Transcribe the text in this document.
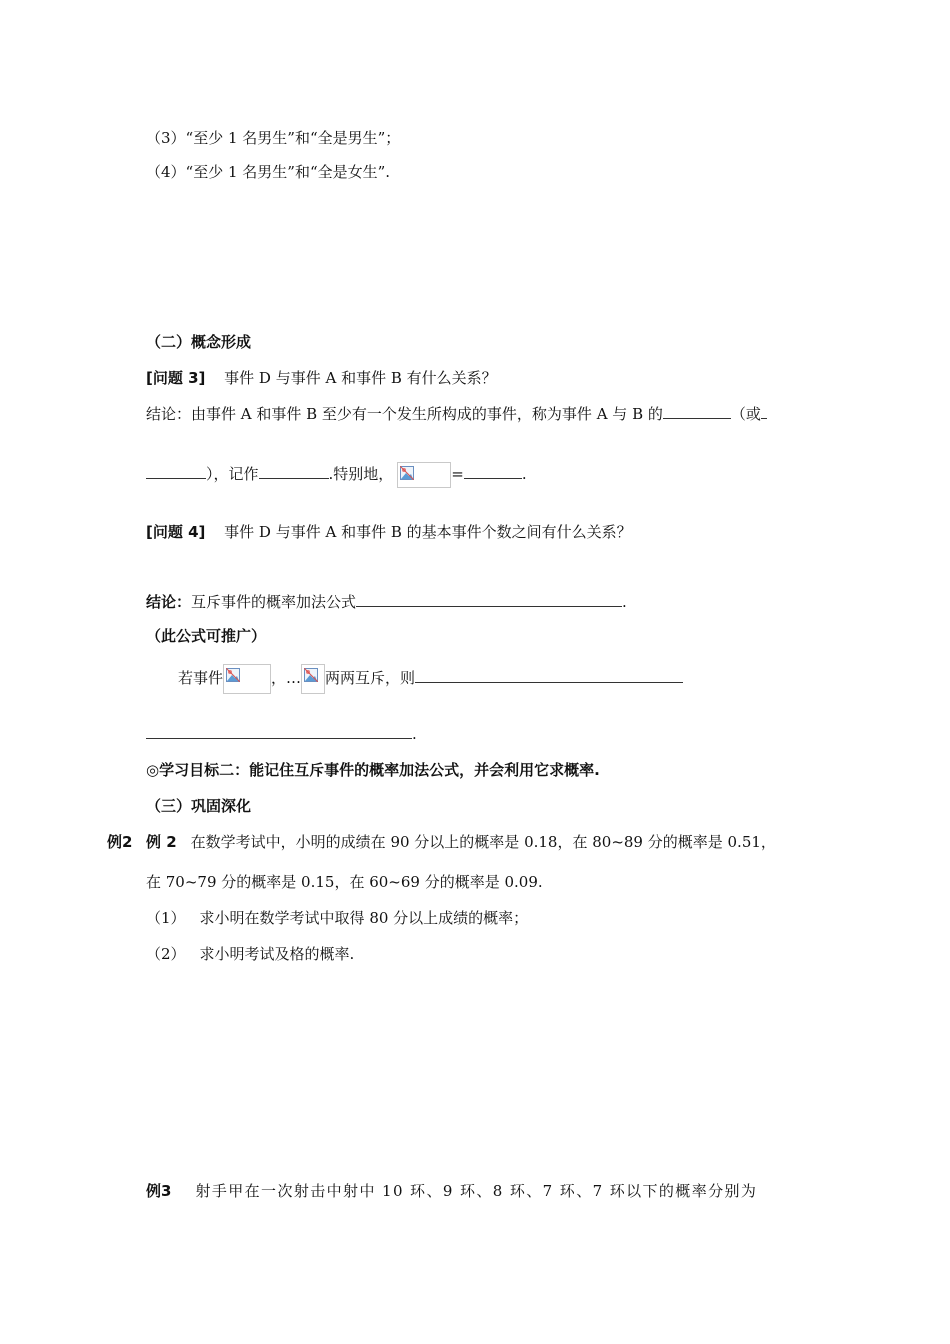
（3）“至少 1 名男生”和“全是男生”；
（4）“至少 1 名男生”和“全是女生”.
（二）概念形成
[问题 3] 事件 D 与事件 A 和事件 B 有什么关系？
结论：由事件 A 和事件 B 至少有一个发生所构成的事件，称为事件 A 与 B 的	（或
），记作	.特别地，	=	.
[问题 4] 事件 D 与事件 A 和事件 B 的基本事件个数之间有什么关系？
结论：互斥事件的概率加法公式	.
（此公式可推广）
若事件	，… 两两互斥，则
.
◎学习目标二：能记住互斥事件的概率加法公式，并会利用它求概率.
（三）巩固深化
例2 例 2 在数学考试中，小明的成绩在 90 分以上的概率是 0.18，在 80~89 分的概率是 0.51，
在 70~79 分的概率是 0.15，在 60~69 分的概率是 0.09.
（1） 求小明在数学考试中取得 80 分以上成绩的概率；
（2） 求小明考试及格的概率.
例3 射手甲在一次射击中射中 10 环、9 环、8 环、7 环、7 环以下的概率分别为
